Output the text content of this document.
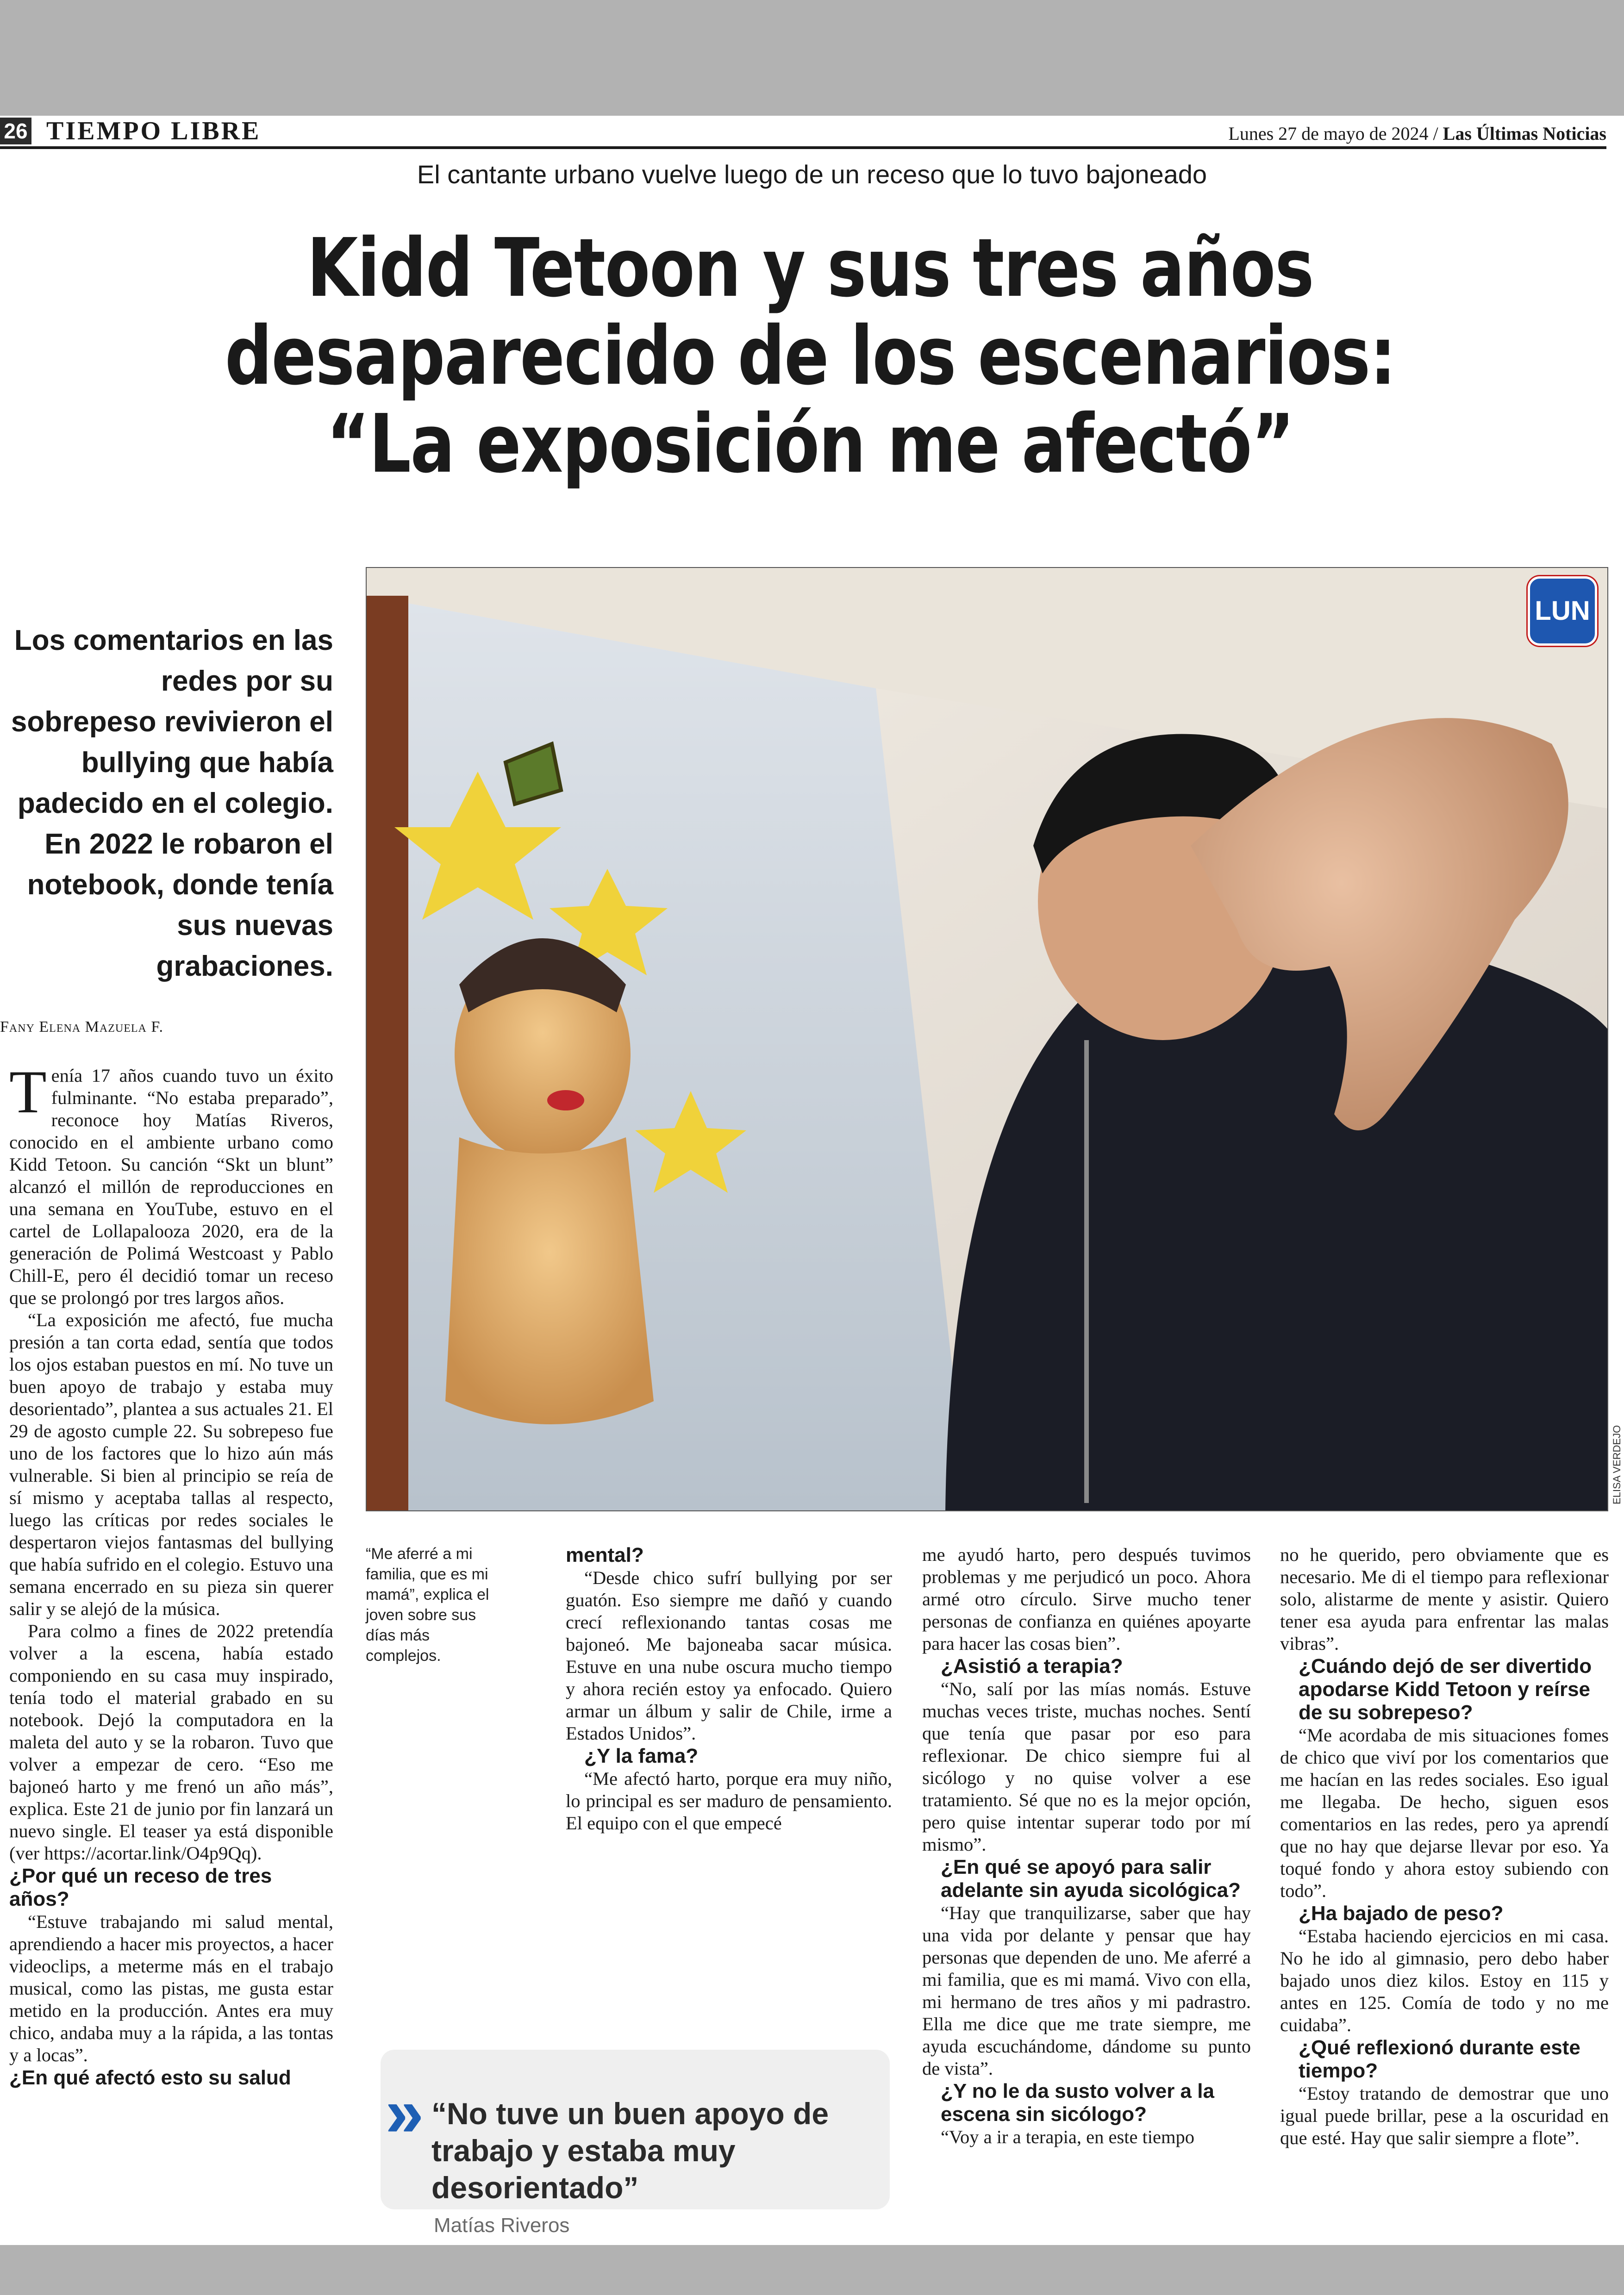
26 TIEMPO LIBRE	Lunes 27 de mayo de 2024 / Las Últimas Noticias
El cantante urbano vuelve luego de un receso que lo tuvo bajoneado
Kidd Tetoon y sus tres años
desaparecido de los escenarios:
“La exposición me afectó”
Los comentarios en las redes por su sobrepeso revivieron el bullying que había padecido en el colegio. En 2022 le robaron el notebook, donde tenía sus nuevas grabaciones.
LUN
ELISA VERDEJO
“Me aferré a mi familia, que es mi mamá”, explica el joven sobre sus días más complejos.
Fany Elena Mazuela F.

Tenía 17 años cuando tuvo un éxito fulminante. “No estaba preparado”, reconoce hoy Matías Riveros, conocido en el ambiente urbano como Kidd Tetoon. Su canción “Skt un blunt” alcanzó el millón de reproducciones en una semana en YouTube, estuvo en el cartel de Lollapalooza 2020, era de la generación de Polimá Westcoast y Pablo Chill-E, pero él decidió tomar un receso que se prolongó por tres largos años.

“La exposición me afectó, fue mucha presión a tan corta edad, sentía que todos los ojos estaban puestos en mí. No tuve un buen apoyo de trabajo y estaba muy desorientado”, plantea a sus actuales 21. El 29 de agosto cumple 22. Su sobrepeso fue uno de los factores que lo hizo aún más vulnerable. Si bien al principio se reía de sí mismo y aceptaba tallas al respecto, luego las críticas por redes sociales le despertaron viejos fantasmas del bullying que había sufrido en el colegio. Estuvo una semana encerrado en su pieza sin querer salir y se alejó de la música.

Para colmo a fines de 2022 pretendía volver a la escena, había estado componiendo en su casa muy inspirado, tenía todo el material grabado en su notebook. Dejó la computadora en la maleta del auto y se la robaron. Tuvo que volver a empezar de cero. “Eso me bajoneó harto y me frenó un año más”, explica. Este 21 de junio por fin lanzará un nuevo single. El teaser ya está disponible (ver https://acortar.link/O4p9Qq).

¿Por qué un receso de tres años?

“Estuve trabajando mi salud mental, aprendiendo a hacer mis proyectos, a hacer videoclips, a meterme más en el trabajo musical, como las pistas, me gusta estar metido en la producción. Antes era muy chico, andaba muy a la rápida, a las tontas y a locas”.

¿En qué afectó esto su salud
mental?

“Desde chico sufrí bullying por ser guatón. Eso siempre me dañó y cuando crecí reflexionando tantas cosas me bajoneó. Me bajoneaba sacar música. Estuve en una nube oscura mucho tiempo y ahora recién estoy ya enfocado. Quiero armar un álbum y salir de Chile, irme a Estados Unidos”.

¿Y la fama?

“Me afectó harto, porque era muy niño, lo principal es ser maduro de pensamiento. El equipo con el que empecé

me ayudó harto, pero después tuvimos problemas y me perjudicó un poco. Ahora armé otro círculo. Sirve mucho tener personas de confianza en quiénes apoyarte para hacer las cosas bien”.

¿Asistió a terapia?

“No, salí por las mías nomás. Estuve muchas veces triste, muchas noches. Sentí que tenía que pasar por eso para reflexionar. De chico siempre fui al sicólogo y no quise volver a ese tratamiento. Sé que no es la mejor opción, pero quise intentar superar todo por mí mismo”.

¿En qué se apoyó para salir adelante sin ayuda sicológica?

“Hay que tranquilizarse, saber que hay una vida por delante y pensar que hay personas que dependen de uno. Me aferré a mi familia, que es mi mamá. Vivo con ella, mi hermano de tres años y mi padrastro. Ella me dice que me trate siempre, me ayuda escuchándome, dándome su punto de vista”.

¿Y no le da susto volver a la escena sin sicólogo?

“Voy a ir a terapia, en este tiempo

no he querido, pero obviamente que es necesario. Me di el tiempo para reflexionar solo, alistarme de mente y asistir. Quiero tener esa ayuda para enfrentar las malas vibras”.

¿Cuándo dejó de ser divertido apodarse Kidd Tetoon y reírse de su sobrepeso?

“Me acordaba de mis situaciones fomes de chico que viví por los comentarios que me hacían en las redes sociales. Eso igual me llegaba. De hecho, siguen esos comentarios en las redes, pero ya aprendí que no hay que dejarse llevar por eso. Ya toqué fondo y ahora estoy subiendo con todo”.

¿Ha bajado de peso?

“Estaba haciendo ejercicios en mi casa. No he ido al gimnasio, pero debo haber bajado unos diez kilos. Estoy en 115 y antes en 125. Comía de todo y no me cuidaba”.

¿Qué reflexionó durante este tiempo?

“Estoy tratando de demostrar que uno igual puede brillar, pese a la oscuridad en que esté. Hay que salir siempre a flote”.

» “No tuve un buen apoyo de trabajo y estaba muy desorientado”
Matías Riveros
